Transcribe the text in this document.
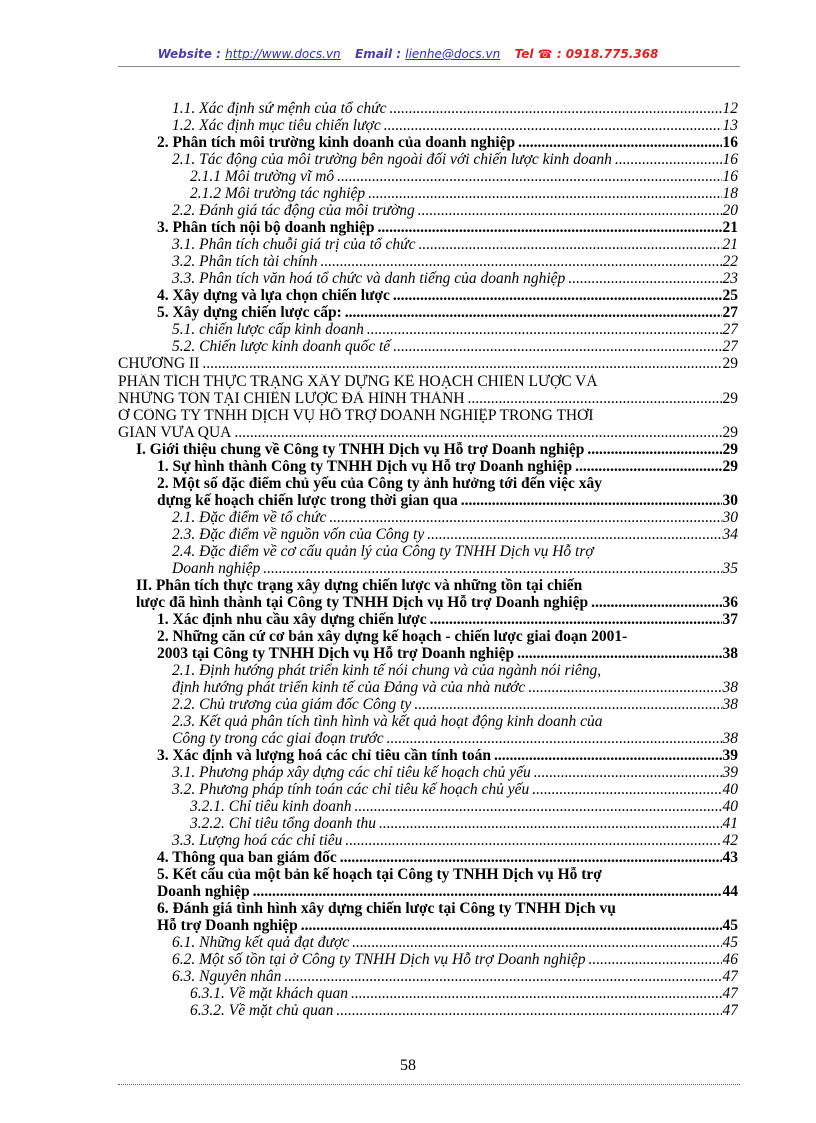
Website : http://www.docs.vn Email : lienhe@docs.vn Tel ☎ : 0918.775.368
1.1. Xác định sứ mệnh của tổ chức .....	12
1.2. Xác định mục tiêu chiến lược .....	13
2. Phân tích môi trường kinh doanh của doanh nghiệp .....	16
2.1. Tác động của môi trường bên ngoài đối với chiến lược kinh doanh .....	16
2.1.1 Môi trường vĩ mô .....	16
2.1.2 Môi trường tác nghiệp .....	18
2.2. Đánh giá tác động của môi trường .....	20
3. Phân tích nội bộ doanh nghiệp .....	21
3.1. Phân tích chuỗi giá trị của tổ chức .....	21
3.2. Phân tích tài chính .....	22
3.3. Phân tích văn hoá tổ chức và danh tiếng của doanh nghiệp .....	23
4. Xây dựng và lựa chọn chiến lược .....	25
5. Xây dựng chiến lược cấp: .....	27
5.1. chiến lược cấp kinh doanh .....	27
5.2. Chiến lược kinh doanh quốc tế .....	27
CHƯƠNG II .....	29
PHÂN TÍCH THỰC TRẠNG XÂY DỰNG KẾ HOẠCH CHIẾN LƯỢC VÀ
NHỮNG TỒN TẠI CHIẾN LƯỢC ĐÃ HÌNH THÀNH .....	29
Ở CÔNG TY TNHH DỊCH VỤ HỖ TRỢ DOANH NGHIỆP TRONG THỜI
GIAN VỪA QUA .....	29
I. Giới thiệu chung về Công ty TNHH Dịch vụ Hỗ trợ Doanh nghiệp .....	29
1. Sự hình thành Công ty TNHH Dịch vụ Hỗ trợ Doanh nghiệp .....	29
2. Một số đặc điểm chủ yếu của Công ty ảnh hưởng tới đến việc xây
dựng kế hoạch chiến lược trong thời gian qua .....	30
2.1. Đặc điểm về tổ chức .....	30
2.3. Đặc điểm về nguồn vốn của Công ty .....	34
2.4. Đặc điểm về cơ cấu quản lý của Công ty TNHH Dịch vụ Hỗ trợ
Doanh nghiệp .....	35
II. Phân tích thực trạng xây dựng chiến lược và những tồn tại chiến
lược đã hình thành tại Công ty TNHH Dịch vụ Hỗ trợ Doanh nghiệp .....	36
1. Xác định nhu cầu xây dựng chiến lược .....	37
2. Những căn cứ cơ bản xây dựng kế hoạch - chiến lược giai đoạn 2001-
2003 tại Công ty TNHH Dịch vụ Hỗ trợ Doanh nghiệp .....	38
2.1. Định hướng phát triển kinh tế nói chung và của ngành nói riêng,
định hướng phát triển kinh tế của Đảng và của nhà nước .....	38
2.2. Chủ trương của giám đốc Công ty .....	38
2.3. Kết quả phân tích tình hình và kết quả hoạt động kinh doanh của
Công ty trong các giai đoạn trước .....	38
3. Xác định và lượng hoá các chỉ tiêu cần tính toán .....	39
3.1. Phương pháp xây dựng các chỉ tiêu kế hoạch chủ yếu .....	39
3.2. Phương pháp tính toán các chỉ tiêu kế hoạch chủ yếu .....	40
3.2.1. Chỉ tiêu kinh doanh .....	40
3.2.2. Chỉ tiêu tổng doanh thu .....	41
3.3. Lượng hoá các chỉ tiêu .....	42
4. Thông qua ban giám đốc .....	43
5. Kết cấu của một bản kế hoạch tại Công ty TNHH Dịch vụ Hỗ trợ
Doanh nghiệp .....	44
6. Đánh giá tình hình xây dựng chiến lược tại Công ty TNHH Dịch vụ
Hỗ trợ Doanh nghiệp .....	45
6.1. Những kết quả đạt được .....	45
6.2. Một số tồn tại ở Công ty TNHH Dịch vụ Hỗ trợ Doanh nghiệp .....	46
6.3. Nguyên nhân .....	47
6.3.1. Về mặt khách quan .....	47
6.3.2. Về mặt chủ quan .....	47
58
